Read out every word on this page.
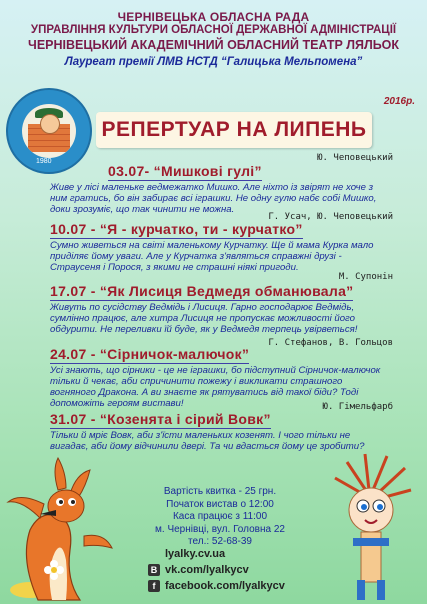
ЧЕРНІВЕЦЬКА ОБЛАСНА РАДА
УПРАВЛІННЯ КУЛЬТУРИ ОБЛАСНОЇ ДЕРЖАВНОЇ АДМІНІСТРАЦІЇ
ЧЕРНІВЕЦЬКИЙ АКАДЕМІЧНИЙ ОБЛАСНИЙ ТЕАТР ЛЯЛЬОК
Лауреат премії ЛМВ НСТД “Галицька Мельпомена”
1980
РЕПЕРТУАР НА ЛИПЕНЬ
2016р.
Ю. Чеповецький
03.07- “Мишкові гулі”
Живе у лісі маленьке ведмежатко Мишко. Але ніхто із звірят не хоче з ним гратись, бо він забирає всі іграшки. Не одну гулю набє собі Мишко, доки зрозуміє, що так чинити не можна.
Г. Усач, Ю. Чеповецький
10.07 - “Я - курчатко, ти - курчатко”
Сумно живеться на світі маленькому Курчатку. Ще й мама Курка мало приділяє йому уваги. Але у Курчатка з'являться справжні друзі - Страусеня і Порося, з якими не страшні ніякі пригоди.
М. Супонін
17.07 - “Як Лисиця Ведмедя обманювала”
Живуть по сусідству Ведмідь і Лисиця. Гарно господарює Ведмідь, сумлінно працює, але хитра Лисиця не пропускає можливості його обдурити. Не переливки їй буде, як у Ведмедя терпець увірветься!
Г. Стефанов, В. Гольцов
24.07 - “Сірничок-малючок”
Усі знають, що сірники - це не іграшки, бо підступний Сірничок-малючок тільки й чекає, аби спричинити пожежу і викликати страшного вогняного Дракона. А ви знаєте як рятуватись від такої біди? Тоді допоможіть героям вистави!	Ю. Гімельфарб
31.07 - “Козенята і сірий Вовк”
Тільки й мріє Вовк, аби з'їсти маленьких козенят. І чого тільки не вигадає, аби йому відчинили двері. Та чи вдасться йому це зробити?
Вартість квитка - 25 грн.
Початок вистав о 12:00
Каса працює з 11:00
м. Чернівці, вул. Головна 22
тел.: 52-68-39
lyalky.cv.ua
B vk.com/lyalkycv
f facebook.com/lyalkycv
